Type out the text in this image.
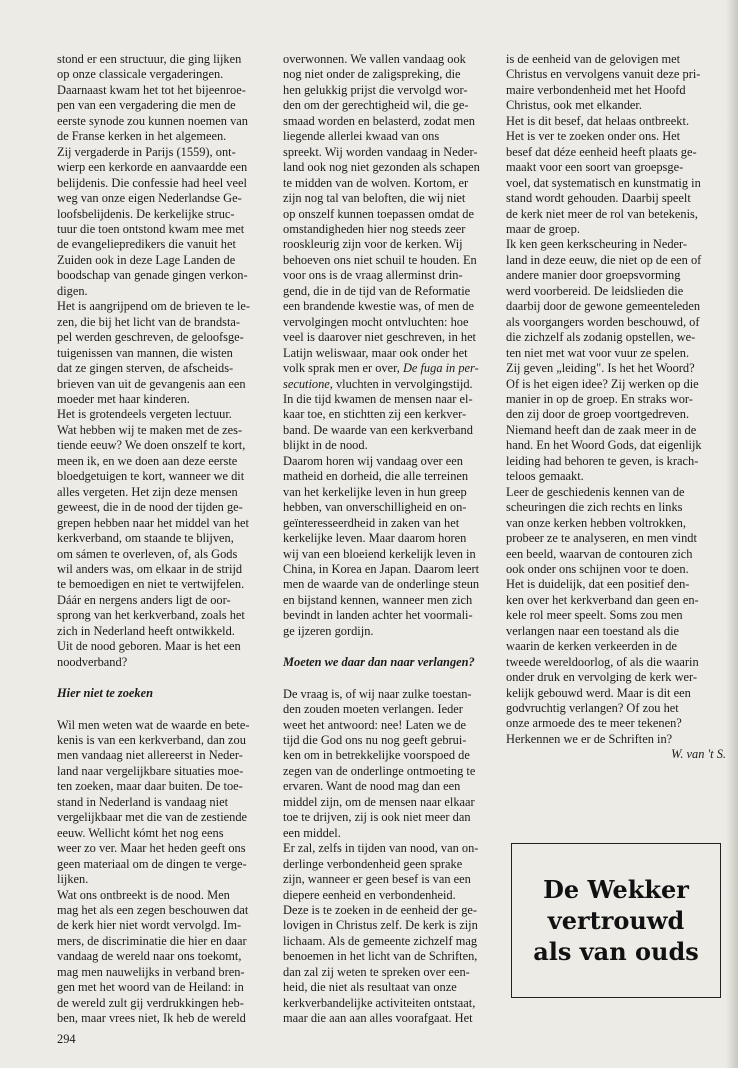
stond er een structuur, die ging lijken
op onze classicale vergaderingen.
Daarnaast kwam het tot het bijeenroe-
pen van een vergadering die men de
eerste synode zou kunnen noemen van
de Franse kerken in het algemeen.

Zij vergaderde in Parijs (1559), ont-
wierp een kerkorde en aanvaardde een
belijdenis. Die confessie had heel veel
weg van onze eigen Nederlandse Ge-
loofsbelijdenis. De kerkelijke struc-
tuur die toen ontstond kwam mee met
de evangeliepredikers die vanuit het
Zuiden ook in deze Lage Landen de
boodschap van genade gingen verkon-
digen.

Het is aangrijpend om de brieven te le-
zen, die bij het licht van de brandsta-
pel werden geschreven, de geloofsge-
tuigenissen van mannen, die wisten
dat ze gingen sterven, de afscheids-
brieven van uit de gevangenis aan een
moeder met haar kinderen.

Het is grotendeels vergeten lectuur.
Wat hebben wij te maken met de zes-
tiende eeuw? We doen onszelf te kort,
meen ik, en we doen aan deze eerste
bloedgetuigen te kort, wanneer we dit
alles vergeten. Het zijn deze mensen
geweest, die in de nood der tijden ge-
grepen hebben naar het middel van het
kerkverband, om staande te blijven,
om sámen te overleven, of, als Gods
wil anders was, om elkaar in de strijd
te bemoedigen en niet te vertwijfelen.
Dáár en nergens anders ligt de oor-
sprong van het kerkverband, zoals het
zich in Nederland heeft ontwikkeld.
Uit de nood geboren. Maar is het een
noodverband?

Hier niet te zoeken

Wil men weten wat de waarde en bete-
kenis is van een kerkverband, dan zou
men vandaag niet allereerst in Neder-
land naar vergelijkbare situaties moe-
ten zoeken, maar daar buiten. De toe-
stand in Nederland is vandaag niet
vergelijkbaar met die van de zestiende
eeuw. Wellicht kómt het nog eens
weer zo ver. Maar het heden geeft ons
geen materiaal om de dingen te verge-
lijken.

Wat ons ontbreekt is de nood. Men
mag het als een zegen beschouwen dat
de kerk hier niet wordt vervolgd. Im-
mers, de discriminatie die hier en daar
vandaag de wereld naar ons toekomt,
mag men nauwelijks in verband bren-
gen met het woord van de Heiland: in
de wereld zult gij verdrukkingen heb-
ben, maar vrees niet, Ik heb de wereld

overwonnen. We vallen vandaag ook
nog niet onder de zaligspreking, die
hen gelukkig prijst die vervolgd wor-
den om der gerechtigheid wil, die ge-
smaad worden en belasterd, zodat men
liegende allerlei kwaad van ons
spreekt. Wij worden vandaag in Neder-
land ook nog niet gezonden als schapen
te midden van de wolven. Kortom, er
zijn nog tal van beloften, die wij niet
op onszelf kunnen toepassen omdat de
omstandigheden hier nog steeds zeer
rooskleurig zijn voor de kerken. Wij
behoeven ons niet schuil te houden. En
voor ons is de vraag allerminst drin-
gend, die in de tijd van de Reformatie
een brandende kwestie was, of men de
vervolgingen mocht ontvluchten: hoe
veel is daarover niet geschreven, in het
Latijn weliswaar, maar ook onder het
volk sprak men er over, De fuga in per-
secutione, vluchten in vervolgingstijd.
In die tijd kwamen de mensen naar el-
kaar toe, en stichtten zij een kerkver-
band. De waarde van een kerkverband
blijkt in de nood.

Daarom horen wij vandaag over een
matheid en dorheid, die alle terreinen
van het kerkelijke leven in hun greep
hebben, van onverschilligheid en on-
geïnteresseerdheid in zaken van het
kerkelijke leven. Maar daarom horen
wij van een bloeiend kerkelijk leven in
China, in Korea en Japan. Daarom leert
men de waarde van de onderlinge steun
en bijstand kennen, wanneer men zich
bevindt in landen achter het voormali-
ge ijzeren gordijn.

Moeten we daar dan naar verlangen?

De vraag is, of wij naar zulke toestan-
den zouden moeten verlangen. Ieder
weet het antwoord: nee! Laten we de
tijd die God ons nu nog geeft gebrui-
ken om in betrekkelijke voorspoed de
zegen van de onderlinge ontmoeting te
ervaren. Want de nood mag dan een
middel zijn, om de mensen naar elkaar
toe te drijven, zij is ook niet meer dan
een middel.

Er zal, zelfs in tijden van nood, van on-
derlinge verbondenheid geen sprake
zijn, wanneer er geen besef is van een
diepere eenheid en verbondenheid.
Deze is te zoeken in de eenheid der ge-
lovigen in Christus zelf. De kerk is zijn
lichaam. Als de gemeente zichzelf mag
benoemen in het licht van de Schriften,
dan zal zij weten te spreken over een-
heid, die niet als resultaat van onze
kerkverbandelijke activiteiten ontstaat,
maar die aan aan alles voorafgaat. Het

is de eenheid van de gelovigen met
Christus en vervolgens vanuit deze pri-
maire verbondenheid met het Hoofd
Christus, ook met elkander.

Het is dit besef, dat helaas ontbreekt.
Het is ver te zoeken onder ons. Het
besef dat déze eenheid heeft plaats ge-
maakt voor een soort van groepsge-
voel, dat systematisch en kunstmatig in
stand wordt gehouden. Daarbij speelt
de kerk niet meer de rol van betekenis,
maar de groep.

Ik ken geen kerkscheuring in Neder-
land in deze eeuw, die niet op de een of
andere manier door groepsvorming
werd voorbereid. De leidslieden die
daarbij door de gewone gemeenteleden
als voorgangers worden beschouwd, of
die zichzelf als zodanig opstellen, we-
ten niet met wat voor vuur ze spelen.
Zij geven „leiding". Is het het Woord?
Of is het eigen idee? Zij werken op die
manier in op de groep. En straks wor-
den zij door de groep voortgedreven.
Niemand heeft dan de zaak meer in de
hand. En het Woord Gods, dat eigenlijk
leiding had behoren te geven, is krach-
teloos gemaakt.

Leer de geschiedenis kennen van de
scheuringen die zich rechts en links
van onze kerken hebben voltrokken,
probeer ze te analyseren, en men vindt
een beeld, waarvan de contouren zich
ook onder ons schijnen voor te doen.
Het is duidelijk, dat een positief den-
ken over het kerkverband dan geen en-
kele rol meer speelt. Soms zou men
verlangen naar een toestand als die
waarin de kerken verkeerden in de
tweede wereldoorlog, of als die waarin
onder druk en vervolging de kerk wer-
kelijk gebouwd werd. Maar is dit een
godvruchtig verlangen? Of zou het
onze armoede des te meer tekenen?
Herkennen we er de Schriften in?

W. van 't S.

De Wekker
vertrouwd
als van ouds
294
